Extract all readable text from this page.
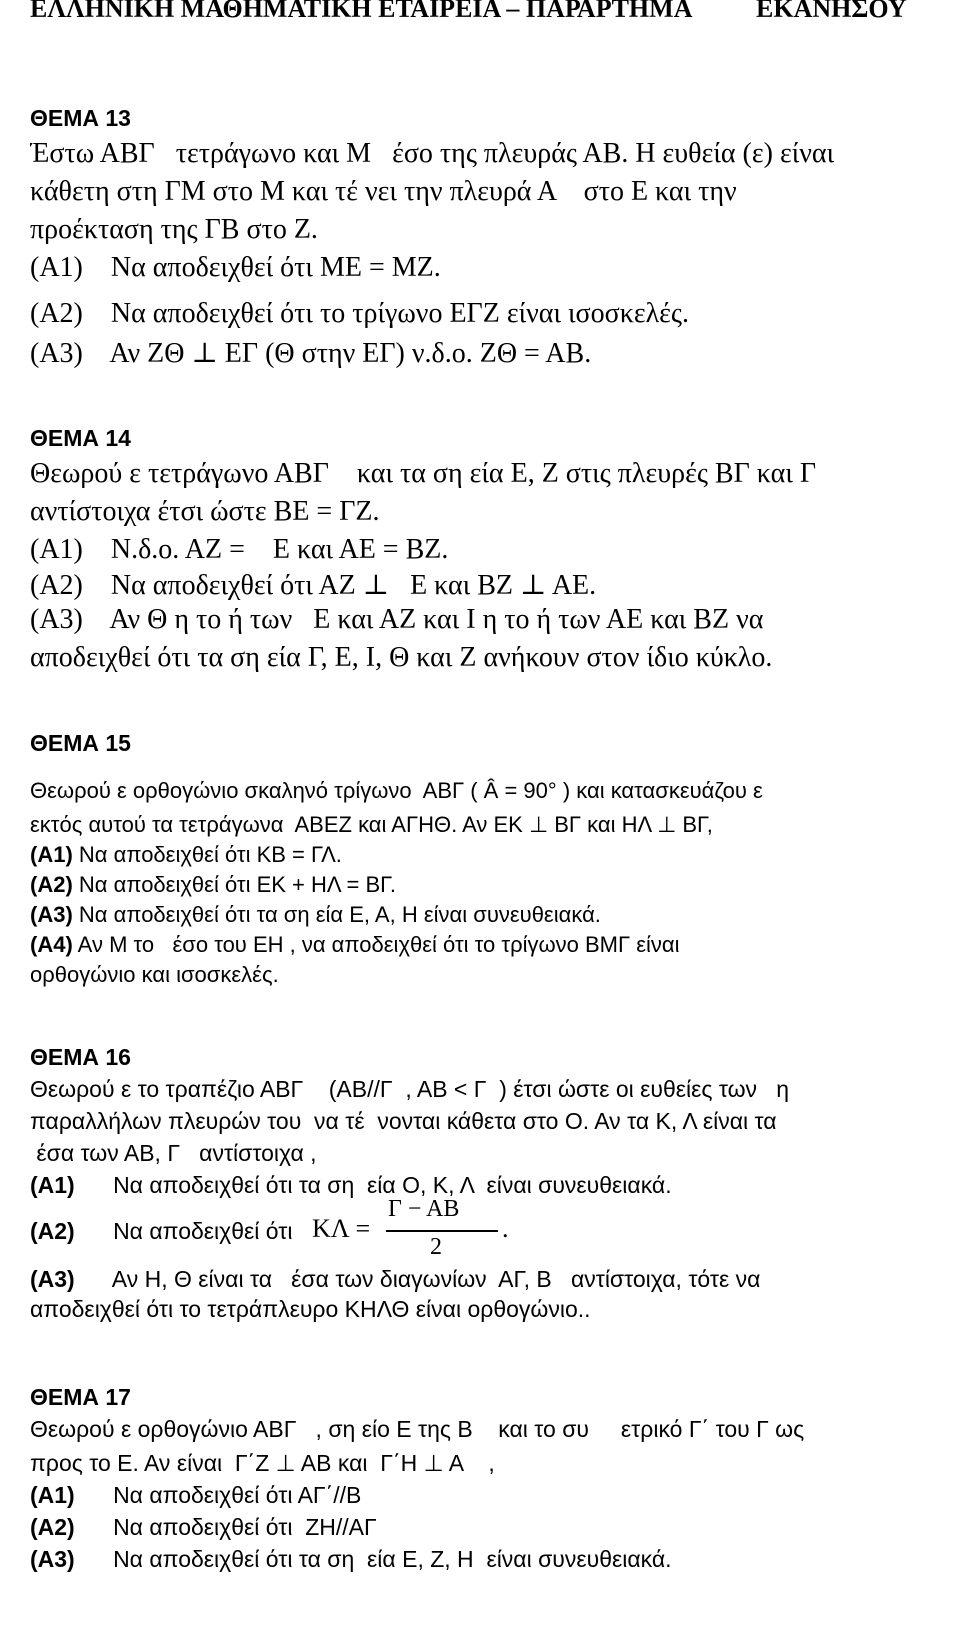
ΕΛΛΗΝΙΚΗ ΜΑΘΗΜΑΤΙΚΗ ΕΤΑΙΡΕΙΑ – ΠΑΡΑΡΤΗΜΑ          ΕΚΑΝΗΣΟΥ
ΘΕΜΑ 13
Έστω ΑΒΓ   τετράγωνο και Μ   έσο της πλευράς ΑΒ. Η ευθεία (ε) είναι
κάθετη στη ΓΜ στο Μ και τέ νει την πλευρά Α    στο Ε και την
προέκταση της ΓΒ στο Ζ.
(Α1)    Να αποδειχθεί ότι ΜΕ = ΜΖ.
(Α2)    Να αποδειχθεί ότι το τρίγωνο ΕΓΖ είναι ισοσκελές.
(Α3)    Αν ΖΘ ⊥ ΕΓ (Θ στην ΕΓ) ν.δ.ο. ΖΘ = ΑΒ.
ΘΕΜΑ 14
Θεωρού ε τετράγωνο ΑΒΓ    και τα ση εία Ε, Ζ στις πλευρές ΒΓ και Γ
αντίστοιχα έτσι ώστε ΒΕ = ΓΖ.
(Α1)    Ν.δ.ο. ΑΖ =    Ε και ΑΕ = ΒΖ.
(Α2)    Να αποδειχθεί ότι ΑΖ ⊥   Ε και ΒΖ ⊥ ΑΕ.
(Α3)    Αν Θ η το ή των   Ε και ΑΖ και Ι η το ή των ΑΕ και ΒΖ να
αποδειχθεί ότι τα ση εία Γ, Ε, Ι, Θ και Ζ ανήκουν στον ίδιο κύκλο.
ΘΕΜΑ 15
Θεωρού ε ορθογώνιο σκαληνό τρίγωνο  ΑΒΓ ( Â = 90° ) και κατασκευάζου ε
εκτός αυτού τα τετράγωνα  ΑΒΕΖ και ΑΓΗΘ. Αν ΕΚ ⊥ ΒΓ και ΗΛ ⊥ ΒΓ,
(Α1) Να αποδειχθεί ότι ΚΒ = ΓΛ.
(Α2) Να αποδειχθεί ότι ΕΚ + ΗΛ = ΒΓ.
(Α3) Να αποδειχθεί ότι τα ση εία Ε, Α, Η είναι συνευθειακά.
(Α4) Αν Μ το   έσο του ΕΗ , να αποδειχθεί ότι το τρίγωνο ΒΜΓ είναι
ορθογώνιο και ισοσκελές.
ΘΕΜΑ 16
Θεωρού ε το τραπέζιο ΑΒΓ    (ΑΒ//Γ  , ΑΒ < Γ  ) έτσι ώστε οι ευθείες των   η
παραλλήλων πλευρών του  να τέ  νονται κάθετα στο Ο. Αν τα Κ, Λ είναι τα
έσα των ΑΒ, Γ   αντίστοιχα ,
(Α1)      Να αποδειχθεί ότι τα ση  εία Ο, Κ, Λ  είναι συνευθειακά.
(Α2)      Να αποδειχθεί ότι ΚΛ =
Γ − ΑΒ
2
.
(Α3)      Αν Η, Θ είναι τα   έσα των διαγωνίων  ΑΓ, Β   αντίστοιχα, τότε να
αποδειχθεί ότι το τετράπλευρο ΚΗΛΘ είναι ορθογώνιο..
ΘΕΜΑ 17
Θεωρού ε ορθογώνιο ΑΒΓ   , ση είο Ε της Β    και το συ     ετρικό Γ΄ του Γ ως
προς το Ε. Αν είναι  Γ΄Ζ ⊥ ΑΒ και  Γ΄Η ⊥ Α    ,
(Α1)      Να αποδειχθεί ότι ΑΓ΄//Β
(Α2)      Να αποδειχθεί ότι  ΖΗ//ΑΓ
(Α3)      Να αποδειχθεί ότι τα ση  εία Ε, Ζ, Η  είναι συνευθειακά.
